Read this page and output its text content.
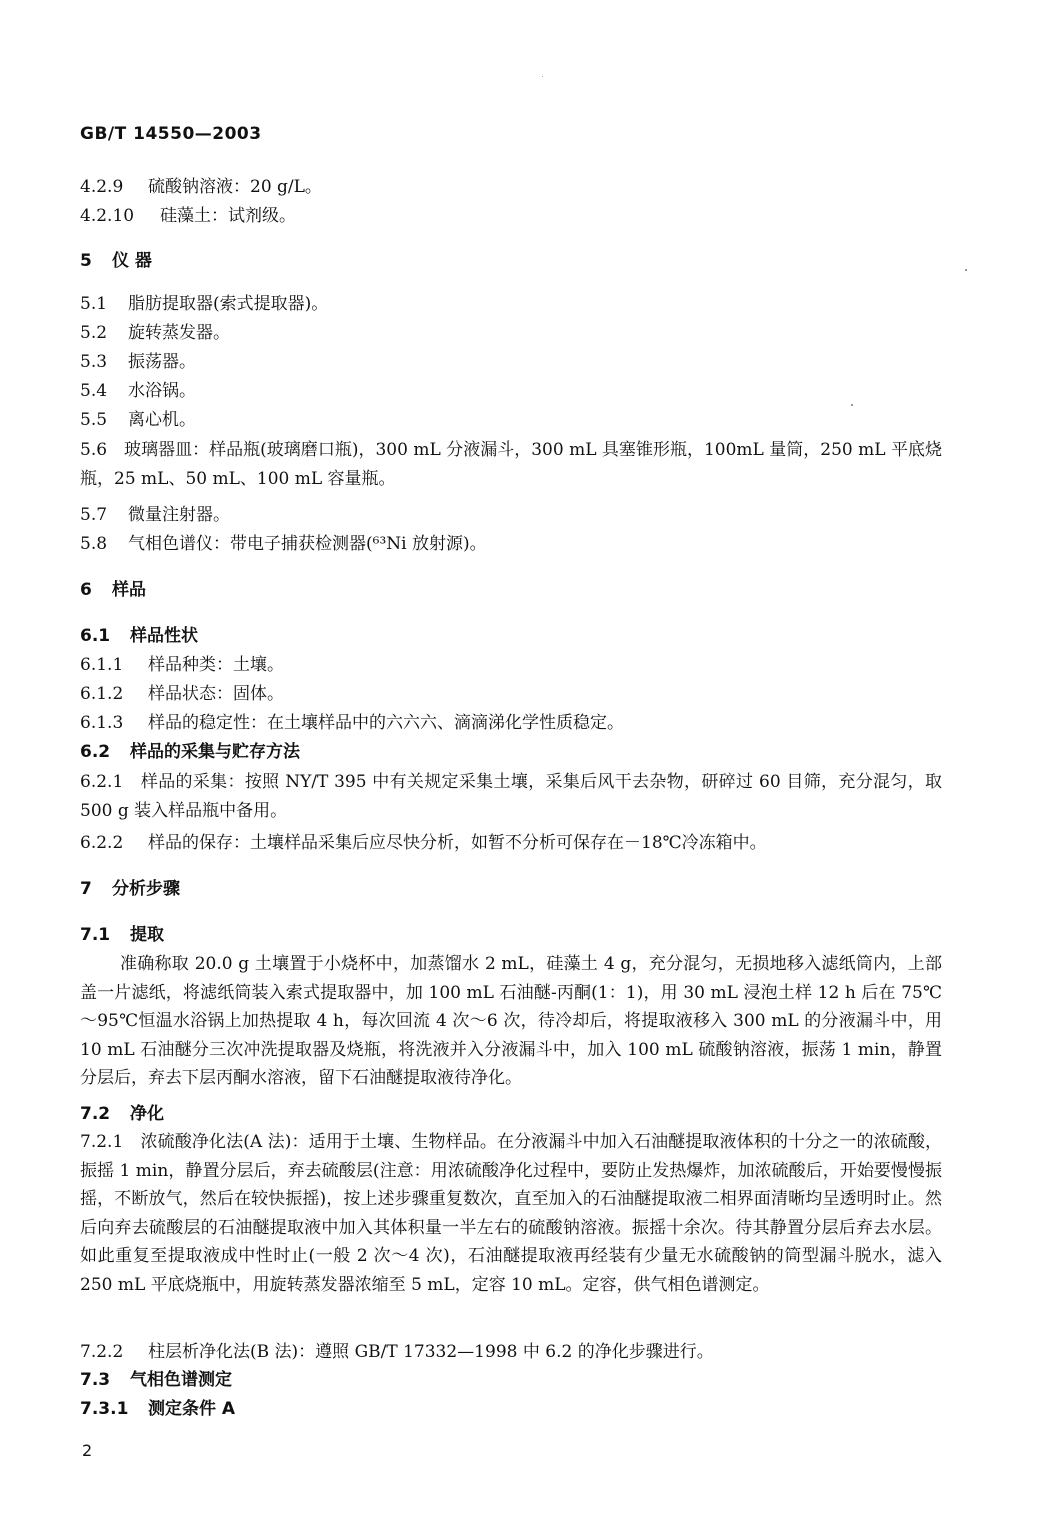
GB/T 14550—2003
4.2.9 硫酸钠溶液：20 g/L。
4.2.10 硅藻土：试剂级。
5 仪 器
5.1 脂肪提取器(索式提取器)。
5.2 旋转蒸发器。
5.3 振荡器。
5.4 水浴锅。
5.5 离心机。
5.6　玻璃器皿：样品瓶(玻璃磨口瓶)，300 mL 分液漏斗，300 mL 具塞锥形瓶，100mL 量筒，250 mL 平底烧瓶，25 mL、50 mL、100 mL 容量瓶。
5.7 微量注射器。
5.8 气相色谱仪：带电子捕获检测器(⁶³Ni 放射源)。
6 样品
6.1 样品性状
6.1.1 样品种类：土壤。
6.1.2 样品状态：固体。
6.1.3 样品的稳定性：在土壤样品中的六六六、滴滴涕化学性质稳定。
6.2 样品的采集与贮存方法
6.2.1　样品的采集：按照 NY/T 395 中有关规定采集土壤，采集后风干去杂物，研碎过 60 目筛，充分混匀，取 500 g 装入样品瓶中备用。
6.2.2 样品的保存：土壤样品采集后应尽快分析，如暂不分析可保存在－18℃冷冻箱中。
7 分析步骤
7.1 提取
准确称取 20.0 g 土壤置于小烧杯中，加蒸馏水 2 mL，硅藻土 4 g，充分混匀，无损地移入滤纸筒内，上部盖一片滤纸，将滤纸筒装入索式提取器中，加 100 mL 石油醚-丙酮(1：1)，用 30 mL 浸泡土样 12 h 后在 75℃～95℃恒温水浴锅上加热提取 4 h，每次回流 4 次～6 次，待冷却后，将提取液移入 300 mL 的分液漏斗中，用 10 mL 石油醚分三次冲洗提取器及烧瓶，将洗液并入分液漏斗中，加入 100 mL 硫酸钠溶液，振荡 1 min，静置分层后，弃去下层丙酮水溶液，留下石油醚提取液待净化。
7.2 净化
7.2.1　浓硫酸净化法(A 法)：适用于土壤、生物样品。在分液漏斗中加入石油醚提取液体积的十分之一的浓硫酸，振摇 1 min，静置分层后，弃去硫酸层(注意：用浓硫酸净化过程中，要防止发热爆炸，加浓硫酸后，开始要慢慢振摇，不断放气，然后在较快振摇)，按上述步骤重复数次，直至加入的石油醚提取液二相界面清晰均呈透明时止。然后向弃去硫酸层的石油醚提取液中加入其体积量一半左右的硫酸钠溶液。振摇十余次。待其静置分层后弃去水层。如此重复至提取液成中性时止(一般 2 次～4 次)，石油醚提取液再经装有少量无水硫酸钠的筒型漏斗脱水，滤入 250 mL 平底烧瓶中，用旋转蒸发器浓缩至 5 mL，定容 10 mL。定容，供气相色谱测定。
7.2.2 柱层析净化法(B 法)：遵照 GB/T 17332—1998 中 6.2 的净化步骤进行。
7.3 气相色谱测定
7.3.1 测定条件 A
2
